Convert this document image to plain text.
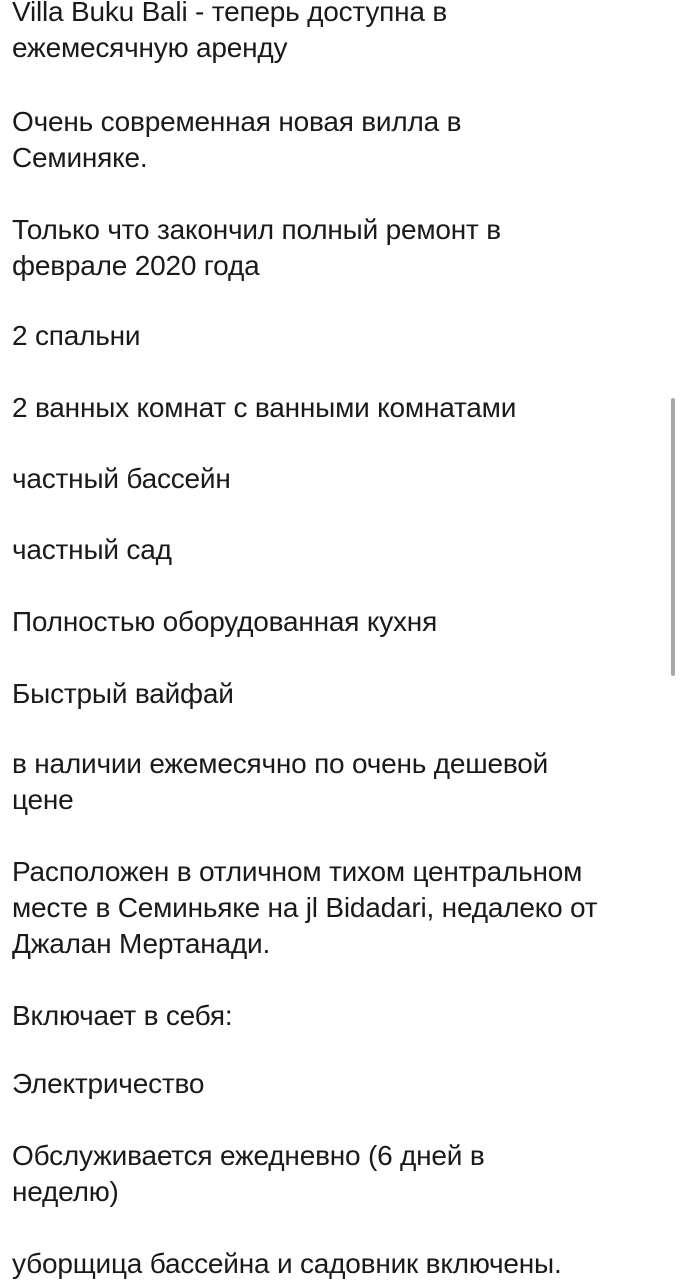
Villa Buku Bali - теперь доступна в ежемесячную аренду

Очень современная новая вилла в Семиняке.

Только что закончил полный ремонт в феврале 2020 года

2 спальни

2 ванных комнат с ванными комнатами

частный бассейн

частный сад

Полностью оборудованная кухня

Быстрый вайфай

в наличии ежемесячно по очень дешевой цене

Расположен в отличном тихом центральном месте в Семиньяке на jl Bidadari, недалеко от Джалан Мертанади.

Включает в себя:

Электричество

Обслуживается ежедневно (6 дней в неделю)

уборщица бассейна и садовник включены.
